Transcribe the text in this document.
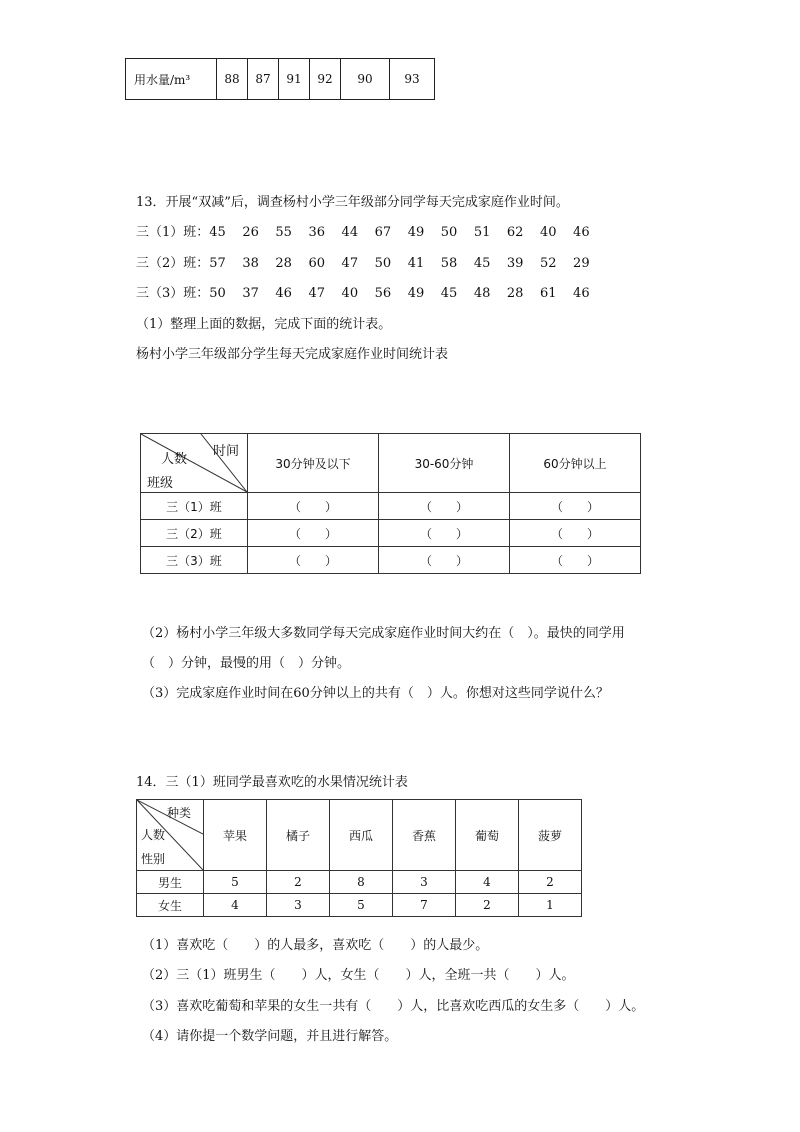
用水量/m³	88	87	91	92	90	93
13．开展“双减”后，调查杨村小学三年级部分同学每天完成家庭作业时间。
三（1）班：45    26    55    36    44    67    49    50    51    62    40    46
三（2）班：57    38    28    60    47    50    41    58    45    39    52    29
三（3）班：50    37    46    47    40    56    49    45    48    28    61    46
（1）整理上面的数据，完成下面的统计表。
杨村小学三年级部分学生每天完成家庭作业时间统计表
时间
人数
班级	30分钟及以下	30-60分钟	60分钟以上
三（1）班	（　　）	（　　）	（　　）
三（2）班	（　　）	（　　）	（　　）
三（3）班	（　　）	（　　）	（　　）
（2）杨村小学三年级大多数同学每天完成家庭作业时间大约在（　）。最快的同学用
（　）分钟，最慢的用（　）分钟。
（3）完成家庭作业时间在60分钟以上的共有（　）人。你想对这些同学说什么？
14．三（1）班同学最喜欢吃的水果情况统计表
种类
人数
性别	苹果	橘子	西瓜	香蕉	葡萄	菠萝
男生	5	2	8	3	4	2
女生	4	3	5	7	2	1
（1）喜欢吃（　　）的人最多，喜欢吃（　　）的人最少。
（2）三（1）班男生（　　）人，女生（　　）人，全班一共（　　）人。
（3）喜欢吃葡萄和苹果的女生一共有（　　）人，比喜欢吃西瓜的女生多（　　）人。
（4）请你提一个数学问题，并且进行解答。
